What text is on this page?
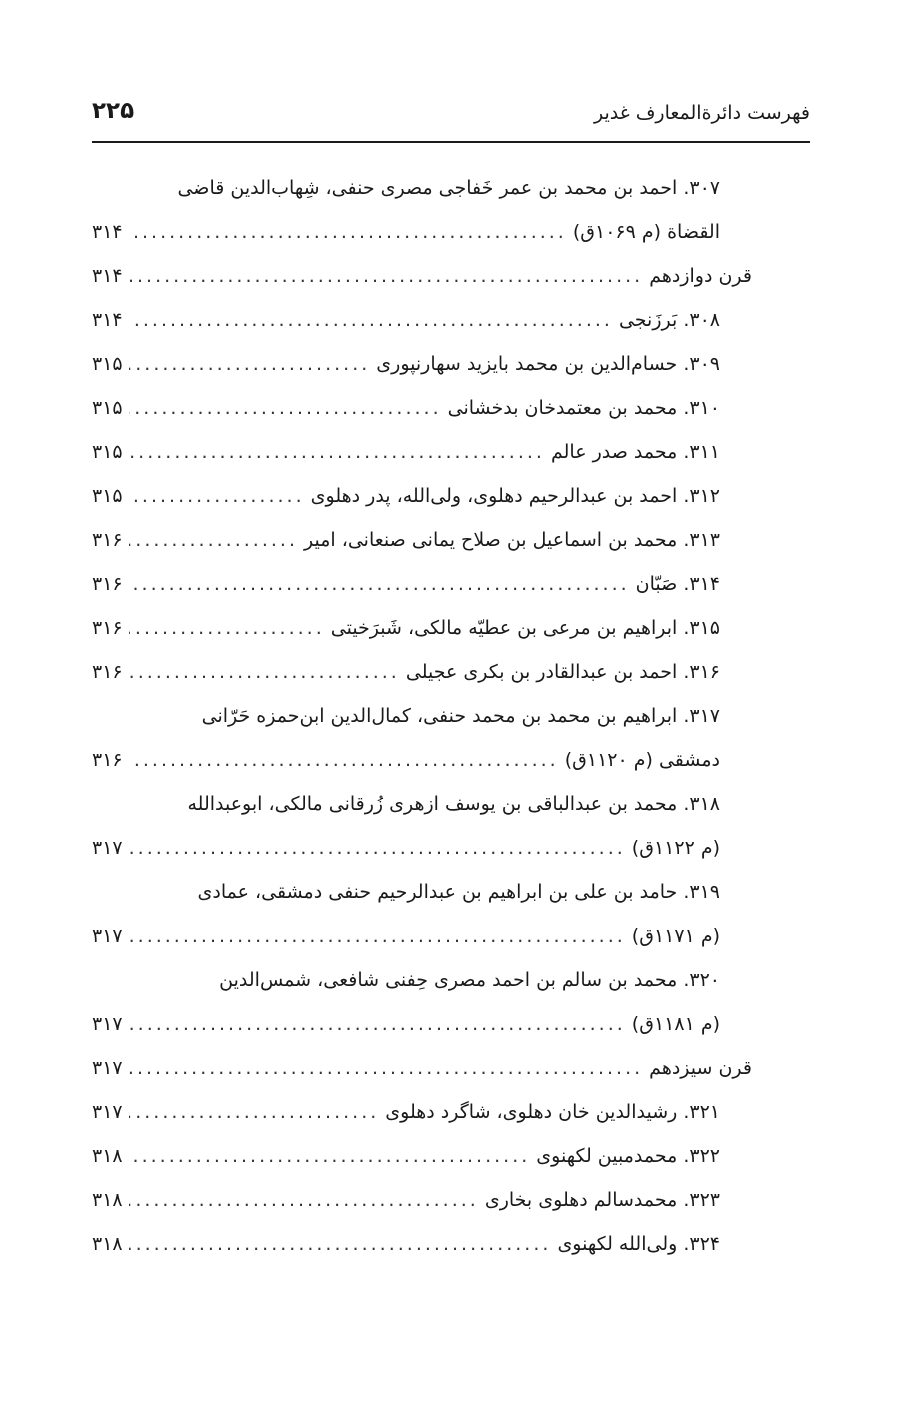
فهرست دائرةالمعارف غدیر
۲۲۵
۳۰۷. احمد بن محمد بن عمر خَفاجی مصری حنفی، شِهاب‌الدین قاضی
القضاة (م ۱۰۶۹ق)
.....
۳۱۴
قرن دوازدهم
.....
۳۱۴
۳۰۸. بَرزَنجی
.....
۳۱۴
۳۰۹. حسام‌الدین بن محمد بایزید سهارنپوری
.....
۳۱۵
۳۱۰. محمد بن معتمدخان بدخشانی
.....
۳۱۵
۳۱۱. محمد صدر عالم
.....
۳۱۵
۳۱۲. احمد بن عبدالرحیم دهلوی، ولی‌الله، پدر دهلوی
.....
۳۱۵
۳۱۳. محمد بن اسماعیل بن صلاح یمانی صنعانی، امیر
.....
۳۱۶
۳۱۴. صَبّان
.....
۳۱۶
۳۱۵. ابراهیم بن مرعی بن عطیّه مالکی، شَبرَخیتی
.....
۳۱۶
۳۱۶. احمد بن عبدالقادر بن بکری عجیلی
.....
۳۱۶
۳۱۷. ابراهیم بن محمد بن محمد حنفی، کمال‌الدین ابن‌حمزه حَرّانی
دمشقی (م ۱۱۲۰ق)
.....
۳۱۶
۳۱۸. محمد بن عبدالباقی بن یوسف ازهری زُرقانی مالکی، ابوعبدالله
(م ۱۱۲۲ق)
.....
۳۱۷
۳۱۹. حامد بن علی بن ابراهیم بن عبدالرحیم حنفی دمشقی، عمادی
(م ۱۱۷۱ق)
.....
۳۱۷
۳۲۰. محمد بن سالم بن احمد مصری حِفنی شافعی، شمس‌الدین
(م ۱۱۸۱ق)
.....
۳۱۷
قرن سیزدهم
.....
۳۱۷
۳۲۱. رشیدالدین خان دهلوی، شاگرد دهلوی
.....
۳۱۷
۳۲۲. محمدمبین لکهنوی
.....
۳۱۸
۳۲۳. محمدسالم دهلوی بخاری
.....
۳۱۸
۳۲۴. ولی‌الله لکهنوی
.....
۳۱۸
